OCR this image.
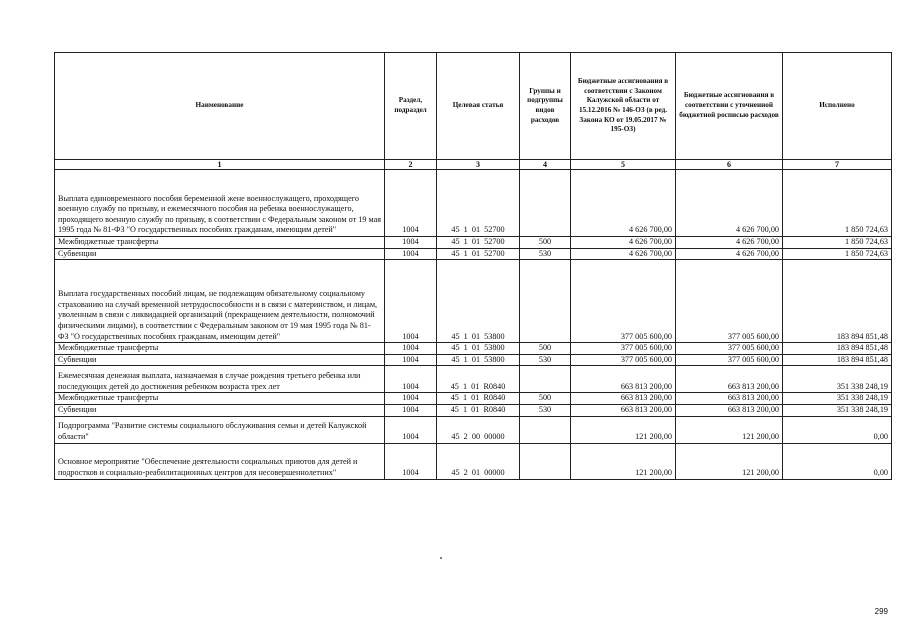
Наименование	Раздел, подраздел	Целевая статья	Группы и подгруппы видов расходов	Бюджетные ассигнования в соответствии с Законом Калужской области от 15.12.2016 № 146-ОЗ (в ред. Закона КО от 19.05.2017 № 195-ОЗ)	Бюджетные ассигнования в соответствии с уточненной бюджетной росписью расходов	Исполнено
1	2	3	4	5	6	7
Выплата единовременного пособия беременной жене военнослужащего, проходящего военную службу по призыву, и ежемесячного пособия на ребенка военнослужащего, проходящего военную службу по призыву, в соответствии с Федеральным законом от 19 мая 1995 года № 81-ФЗ "О государственных пособиях гражданам, имеющим детей"	1004	45  1  01  52700		4 626 700,00	4 626 700,00	1 850 724,63
Межбюджетные трансферты	1004	45  1  01  52700	500	4 626 700,00	4 626 700,00	1 850 724,63
Субвенции	1004	45  1  01  52700	530	4 626 700,00	4 626 700,00	1 850 724,63
Выплата государственных пособий лицам, не подлежащим обязательному социальному страхованию на случай временной нетрудоспособности и в связи с материнством, и лицам, уволенным в связи с ликвидацией организаций (прекращением деятельности, полномочий физическими лицами), в соответствии с Федеральным законом от 19 мая 1995 года № 81-ФЗ "О государственных пособиях гражданам, имеющим детей"	1004	45  1  01  53800		377 005 600,00	377 005 600,00	183 894 851,48
Межбюджетные трансферты	1004	45  1  01  53800	500	377 005 600,00	377 005 600,00	183 894 851,48
Субвенции	1004	45  1  01  53800	530	377 005 600,00	377 005 600,00	183 894 851,48
Ежемесячная денежная выплата, назначаемая в случае рождения третьего ребенка или последующих детей до достижения ребенком возраста трех лет	1004	45  1  01  R0840		663 813 200,00	663 813 200,00	351 338 248,19
Межбюджетные трансферты	1004	45  1  01  R0840	500	663 813 200,00	663 813 200,00	351 338 248,19
Субвенции	1004	45  1  01  R0840	530	663 813 200,00	663 813 200,00	351 338 248,19
Подпрограмма "Развитие системы социального обслуживания семьи и детей Калужской области"	1004	45  2  00  00000		121 200,00	121 200,00	0,00
Основное мероприятие "Обеспечение деятельности социальных приютов для детей и подростков и социально-реабилитационных центров для несовершеннолетних"	1004	45  2  01  00000		121 200,00	121 200,00	0,00
299
